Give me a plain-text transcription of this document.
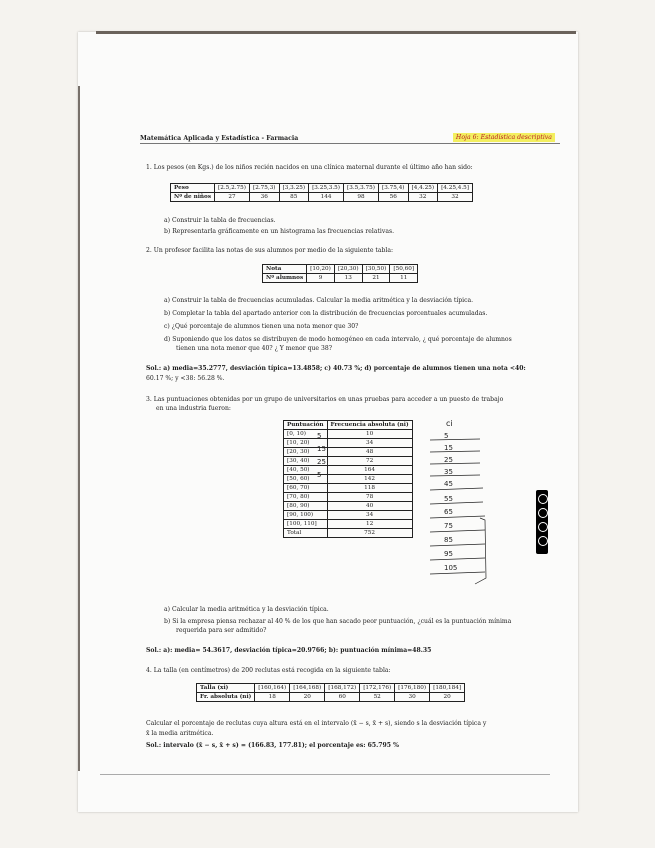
Matemática Aplicada y Estadística - Farmacia	Hoja 6: Estadística descriptiva
1. Los pesos (en Kgs.) de los niños recién nacidos en una clínica maternal durante el último año han sido:
Peso	[2.5,2.75)	[2.75,3)	[3,3.25)	[3.25,3.5)	[3.5,3.75)	[3.75,4)	[4,4.25)	[4.25,4.5]
Nº de niños	27	36	85	144	98	56	32	32
a) Construir la tabla de frecuencias.
b) Representarla gráficamente en un histograma las frecuencias relativas.
2. Un profesor facilita las notas de sus alumnos por medio de la siguiente tabla:
Nota	[10,20)	[20,30)	[30,50)	[50,60]
Nº alumnos	9	13	21	11
a) Construir la tabla de frecuencias acumuladas. Calcular la media aritmética y la desviación típica.
b) Completar la tabla del apartado anterior con la distribución de frecuencias porcentuales acumuladas.
c) ¿Qué porcentaje de alumnos tienen una nota menor que 30?
d) Suponiendo que los datos se distribuyen de modo homogéneo en cada intervalo, ¿ qué porcentaje de alumnos
tienen una nota menor que 40? ¿ Y menor que 38?
Sol.: a) media=35.2777, desviación típica=13.4858; c) 40.73 %; d) porcentaje de alumnos tienen una nota <40:
60.17 %; y <38: 56.28 %.
3. Las puntuaciones obtenidas por un grupo de universitarios en unas pruebas para acceder a un puesto de trabajo
en una industria fueron:
Puntuación	Frecuencia absoluta (ni)
[0, 10)	10
[10, 20)	34
[20, 30)	48
[30, 40)	72
[40, 50)	164
[50, 60)	142
[60, 70)	118
[70, 80)	78
[80, 90)	40
[90, 100)	34
[100, 110]	12
Total	752
ci
5
15
25
35
45
55
65
75
85
95
105
5
15
25
5
a) Calcular la media aritmética y la desviación típica.
b) Si la empresa piensa rechazar al 40 % de los que han sacado peor puntuación, ¿cuál es la puntuación mínima
requerida para ser admitido?
Sol.: a): media= 54.3617, desviación típica=20.9766; b): puntuación mínima=48.35
4. La talla (en centímetros) de 200 reclutas está recogida en la siguiente tabla:
Talla (xi)	[160,164)	[164,168)	[168,172)	[172,176)	[176,180)	[180,184]
Fr. absoluta (ni)	18	20	60	52	30	20
Calcular el porcentaje de reclutas cuya altura está en el intervalo (x̄ − s, x̄ + s), siendo s la desviación típica y
x̄ la media aritmética.
Sol.: intervalo (x̄ − s, x̄ + s) = (166.83, 177.81); el porcentaje es: 65.795 %
